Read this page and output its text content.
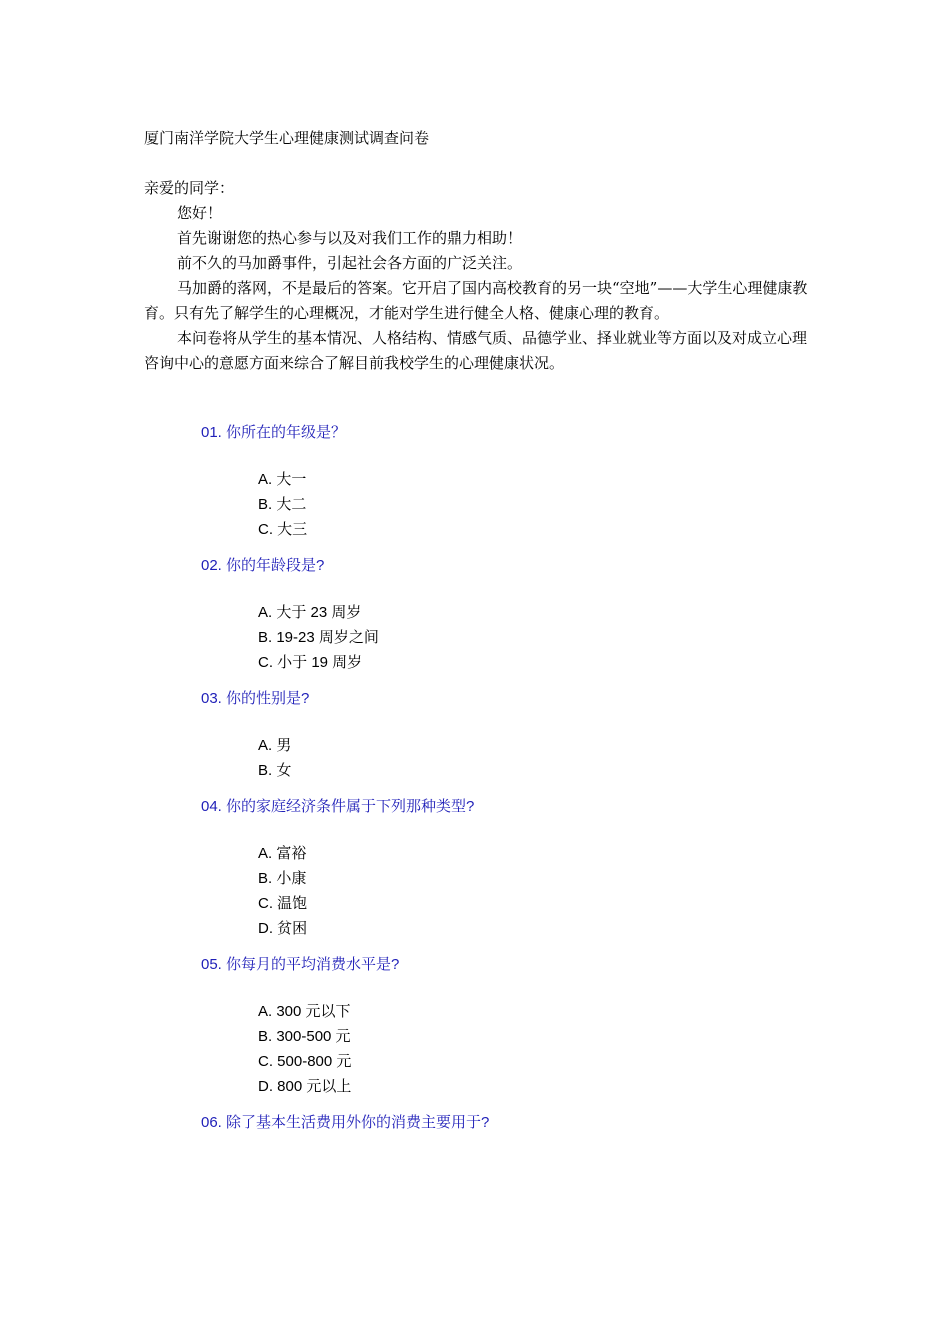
厦门南洋学院大学生心理健康测试调查问卷

亲爱的同学：

您好！

首先谢谢您的热心参与以及对我们工作的鼎力相助！

前不久的马加爵事件，引起社会各方面的广泛关注。

马加爵的落网，不是最后的答案。它开启了国内高校教育的另一块“空地”——大学生心理健康教育。只有先了解学生的心理概况，才能对学生进行健全人格、健康心理的教育。

本问卷将从学生的基本情况、人格结构、情感气质、品德学业、择业就业等方面以及对成立心理咨询中心的意愿方面来综合了解目前我校学生的心理健康状况。

01. 你所在的年级是？
A. 大一
B. 大二
C. 大三
02. 你的年龄段是?
A. 大于 23 周岁
B. 19-23 周岁之间
C. 小于 19 周岁
03. 你的性别是?
A. 男
B. 女
04. 你的家庭经济条件属于下列那种类型?
A. 富裕
B. 小康
C. 温饱
D. 贫困
05. 你每月的平均消费水平是?
A. 300 元以下
B. 300-500 元
C. 500-800 元
D. 800 元以上
06. 除了基本生活费用外你的消费主要用于?
